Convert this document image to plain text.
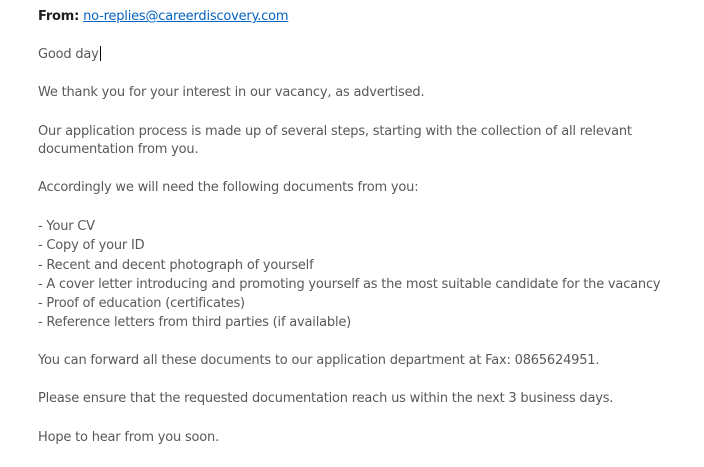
From: no-replies@careerdiscovery.com
Good day
We thank you for your interest in our vacancy, as advertised.
Our application process is made up of several steps, starting with the collection of all relevant
documentation from you.
Accordingly we will need the following documents from you:
- Your CV
- Copy of your ID
- Recent and decent photograph of yourself
- A cover letter introducing and promoting yourself as the most suitable candidate for the vacancy
- Proof of education (certificates)
- Reference letters from third parties (if available)
You can forward all these documents to our application department at Fax: 0865624951.
Please ensure that the requested documentation reach us within the next 3 business days.
Hope to hear from you soon.
